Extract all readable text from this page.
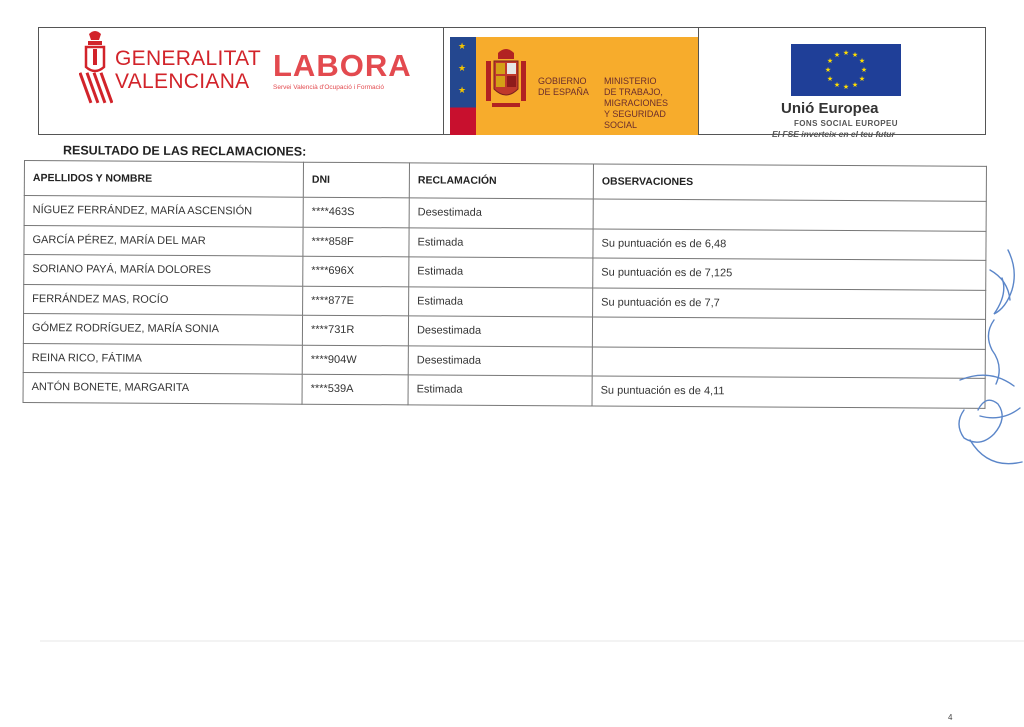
GENERALITAT
VALENCIANA LABORA
Servei Valencià d'Ocupació i Formació
★
★
★
GOBIERNO
DE ESPAÑA
MINISTERIO
DE TRABAJO, MIGRACIONES
Y SEGURIDAD SOCIAL
★ ★
★
★
★
★
★
★
★
★
★
★
Unió Europea
FONS SOCIAL EUROPEU
El FSE inverteix en el teu futur
RESULTADO DE LAS RECLAMACIONES:
APELLIDOS Y NOMBRE	DNI	RECLAMACIÓN	OBSERVACIONES
NÍGUEZ FERRÁNDEZ, MARÍA ASCENSIÓN	****463S	Desestimada	
GARCÍA PÉREZ, MARÍA DEL MAR	****858F	Estimada	Su puntuación es de 6,48
SORIANO PAYÁ, MARÍA DOLORES	****696X	Estimada	Su puntuación es de 7,125
FERRÁNDEZ MAS, ROCÍO	****877E	Estimada	Su puntuación es de 7,7
GÓMEZ RODRÍGUEZ, MARÍA SONIA	****731R	Desestimada	
REINA RICO, FÁTIMA	****904W	Desestimada	
ANTÓN BONETE, MARGARITA	****539A	Estimada	Su puntuación es de 4,11
4
